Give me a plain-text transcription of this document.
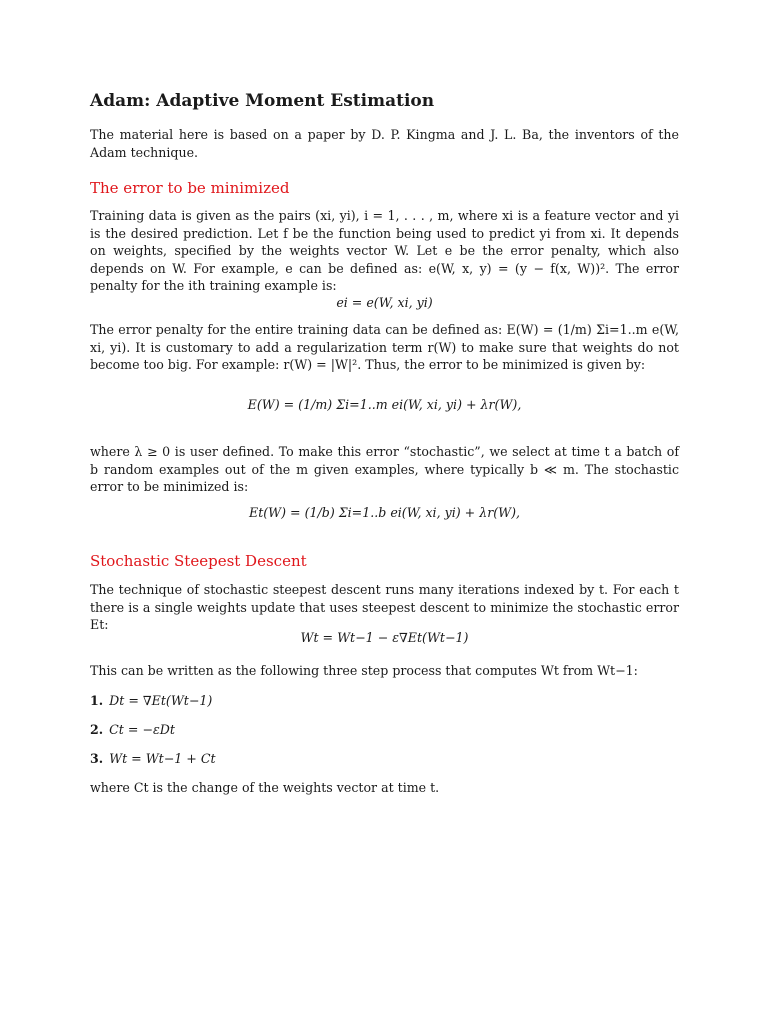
Adam: Adaptive Moment Estimation

The material here is based on a paper by D. P. Kingma and J. L. Ba, the inventors of the Adam technique.

The error to be minimized

Training data is given as the pairs (xi, yi), i = 1, . . . , m, where xi is a feature vector and yi is the desired prediction. Let f be the function being used to predict yi from xi. It depends on weights, specified by the weights vector W. Let e be the error penalty, which also depends on W. For example, e can be defined as: e(W, x, y) = (y − f(x, W))². The error penalty for the ith training example is:

ei = e(W, xi, yi)

The error penalty for the entire training data can be defined as: E(W) = (1/m) Σi=1..m e(W, xi, yi). It is customary to add a regularization term r(W) to make sure that weights do not become too big. For example: r(W) = |W|². Thus, the error to be minimized is given by:

E(W) = (1/m) Σi=1..m ei(W, xi, yi) + λr(W),

where λ ≥ 0 is user defined. To make this error “stochastic”, we select at time t a batch of b random examples out of the m given examples, where typically b ≪ m. The stochastic error to be minimized is:

Et(W) = (1/b) Σi=1..b ei(W, xi, yi) + λr(W),
Stochastic Steepest Descent

The technique of stochastic steepest descent runs many iterations indexed by t. For each t there is a single weights update that uses steepest descent to minimize the stochastic error Et:

Wt = Wt−1 − ε∇Et(Wt−1)

This can be written as the following three step process that computes Wt from Wt−1:

1. Dt = ∇Et(Wt−1)
2. Ct = −εDt
3. Wt = Wt−1 + Ct

where Ct is the change of the weights vector at time t.
